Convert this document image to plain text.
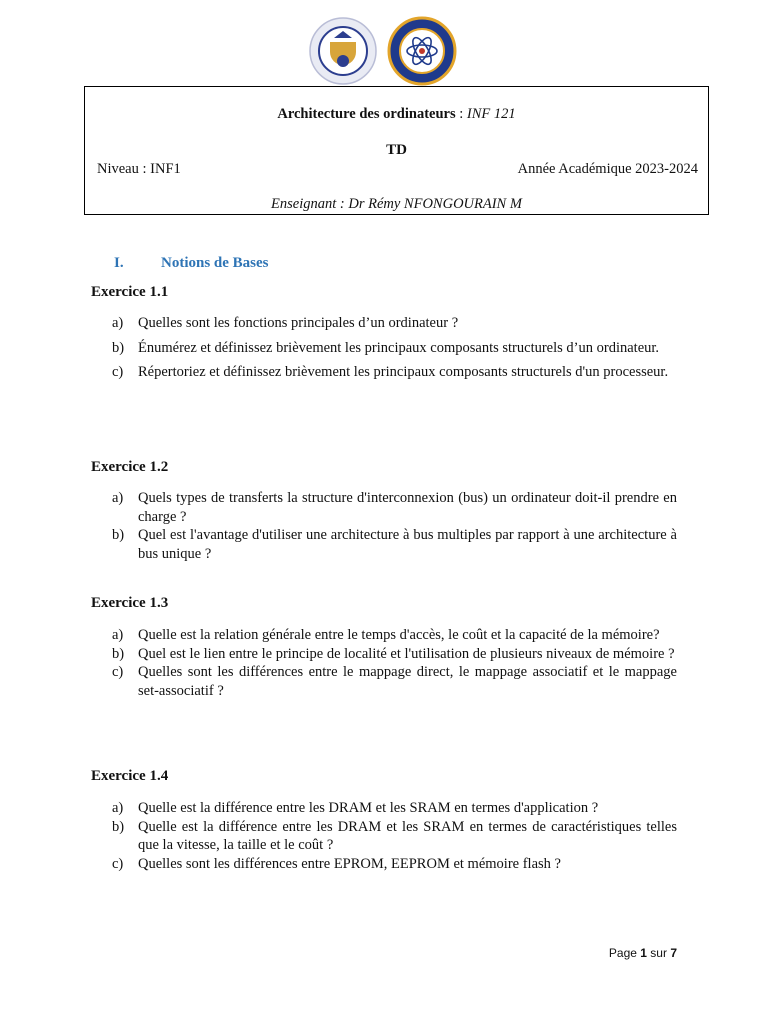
Architecture des ordinateurs : INF 121
TD
Niveau : INF1	Année Académique 2023-2024
Enseignant : Dr Rémy NFONGOURAIN M
I. Notions de Bases
Exercice 1.1
a) Quelles sont les fonctions principales d’un ordinateur ?
b) Énumérez et définissez brièvement les principaux composants structurels d’un ordinateur.
c) Répertoriez et définissez brièvement les principaux composants structurels d'un processeur.
Exercice 1.2
a) Quels types de transferts la structure d'interconnexion (bus) un ordinateur doit-il prendre en charge ?
b) Quel est l'avantage d'utiliser une architecture à bus multiples par rapport à une architecture à bus unique ?
Exercice 1.3
a) Quelle est la relation générale entre le temps d'accès, le coût et la capacité de la mémoire?
b) Quel est le lien entre le principe de localité et l'utilisation de plusieurs niveaux de mémoire ?
c) Quelles sont les différences entre le mappage direct, le mappage associatif et le mappage set-associatif ?
Exercice 1.4
a) Quelle est la différence entre les DRAM et les SRAM en termes d'application ?
b) Quelle est la différence entre les DRAM et les SRAM en termes de caractéristiques telles que la vitesse, la taille et le coût ?
c) Quelles sont les différences entre EPROM, EEPROM et mémoire flash ?
Page 1 sur 7
